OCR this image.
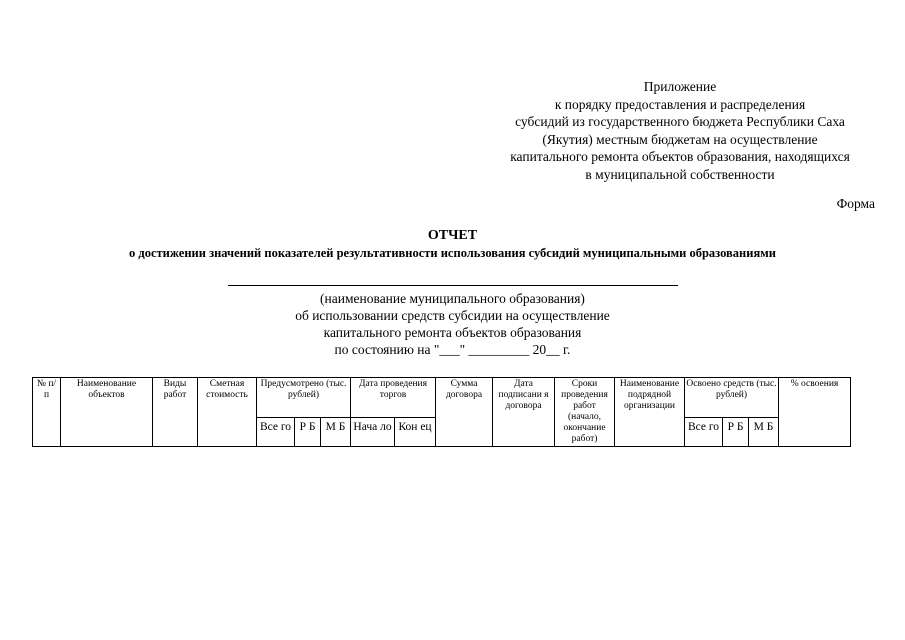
Приложение
к порядку предоставления и распределения
субсидий из государственного бюджета Республики Саха
(Якутия) местным бюджетам на осуществление
капитального ремонта объектов образования, находящихся
в муниципальной собственности
Форма
ОТЧЕТ
о достижении значений показателей результативности использования субсидий муниципальными образованиями
(наименование муниципального образования)
об использовании средств субсидии на осуществление
капитального ремонта объектов образования
по состоянию на "___" _________ 20__ г.
№ п/ п	Наименование объектов	Виды работ	Сметная стоимость	Предусмотрено (тыс. рублей)			Дата проведения торгов		Сумма договора	Дата подписани я договора	Сроки проведения работ (начало, окончание работ)	Наименование подрядной организации	Освоено средств (тыс. рублей)			% освоения
				Все го	Р Б	М Б	Нача ло	Кон ец					Все го	Р Б	М Б	
